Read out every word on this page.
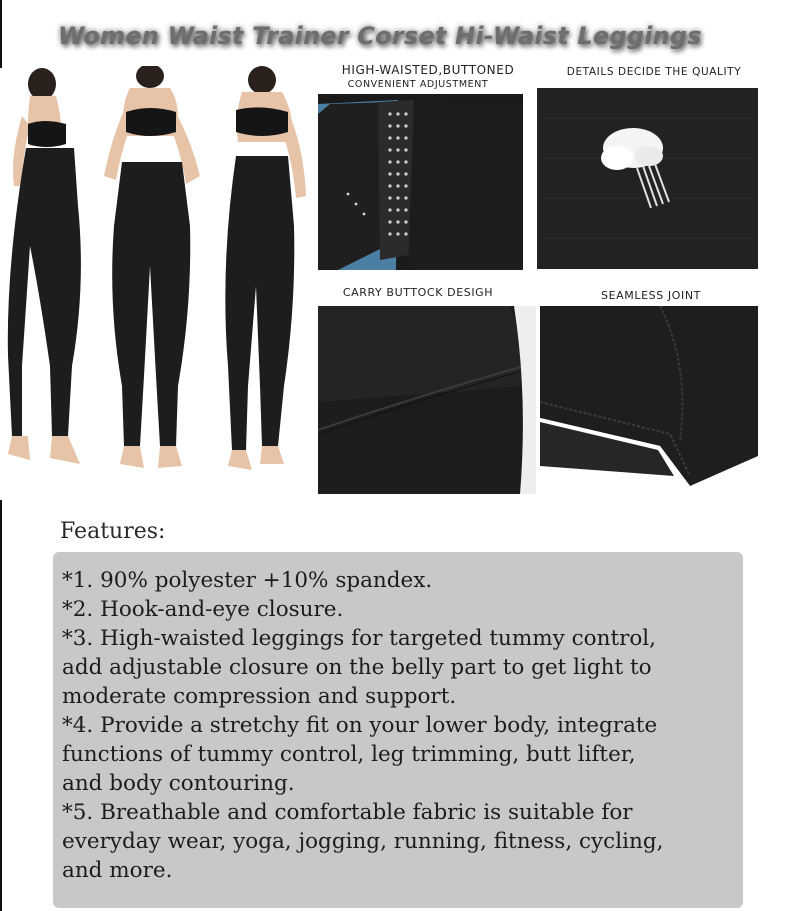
Women Waist Trainer Corset Hi-Waist Leggings
HIGH-WAISTED,BUTTONED
CONVENIENT ADJUSTMENT
DETAILS DECIDE THE QUALITY
CARRY BUTTOCK DESIGH	SEAMLESS JOINT
Features:
*1. 90% polyester +10% spandex.
*2. Hook-and-eye closure.
*3. High-waisted leggings for targeted tummy control,
add adjustable closure on the belly part to get light to
moderate compression and support.
*4. Provide a stretchy fit on your lower body, integrate
functions of tummy control, leg trimming, butt lifter,
and body contouring.
*5. Breathable and comfortable fabric is suitable for
everyday wear, yoga, jogging, running, fitness, cycling,
and more.
